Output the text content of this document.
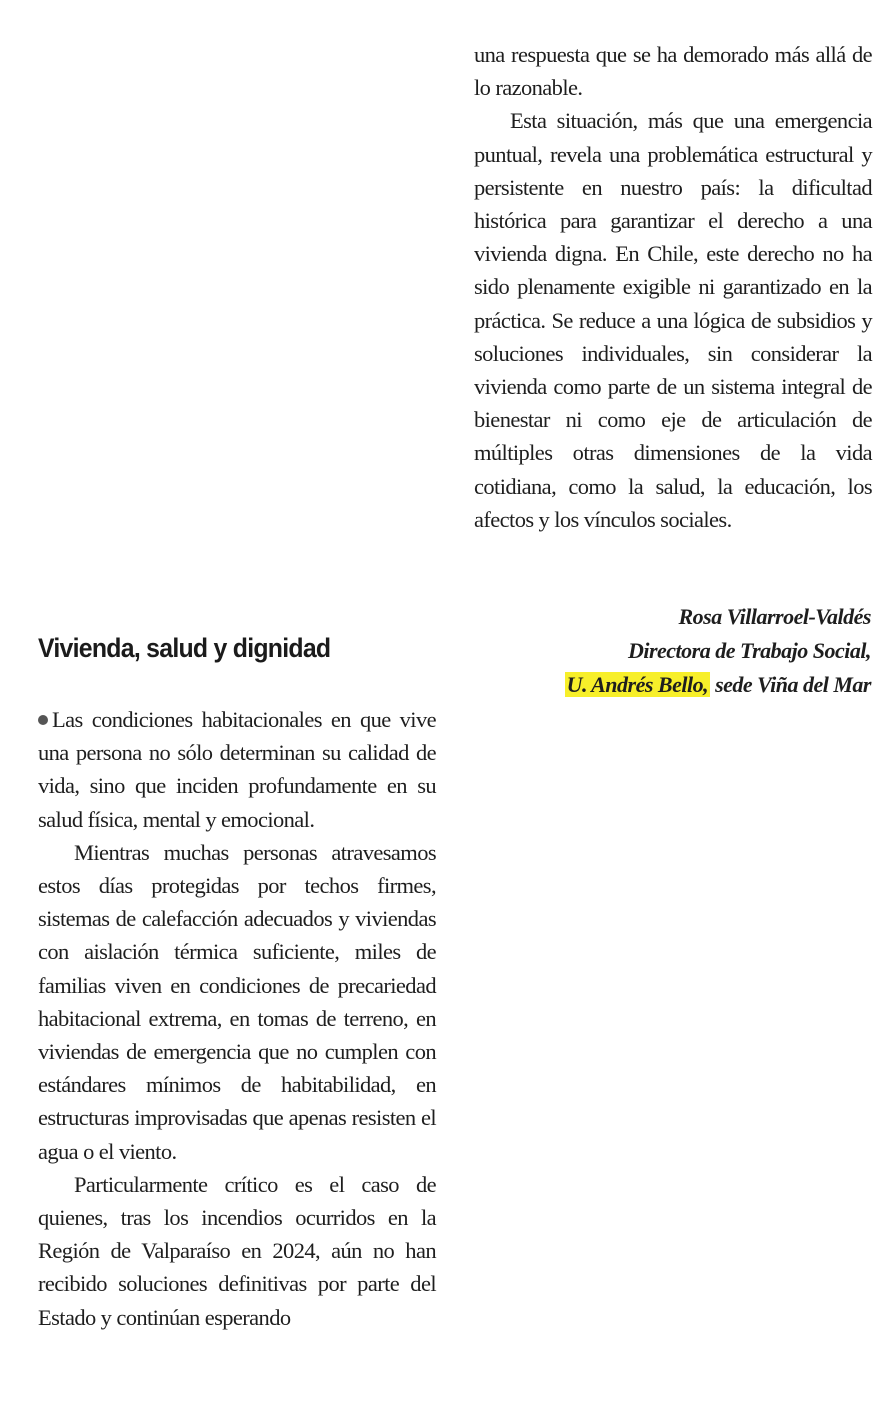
una respuesta que se ha demorado más allá de lo razonable.

Esta situación, más que una emergencia puntual, revela una problemática estructural y persistente en nuestro país: la dificultad histórica para garantizar el derecho a una vivienda digna. En Chile, este derecho no ha sido plenamente exigible ni garantizado en la práctica. Se reduce a una lógica de subsidios y soluciones individuales, sin considerar la vivienda como parte de un sistema integral de bienestar ni como eje de articulación de múltiples otras dimensiones de la vida cotidiana, como la salud, la educación, los afectos y los vínculos sociales.

Rosa Villarroel-Valdés
Directora de Trabajo Social,
U. Andrés Bello, sede Viña del Mar
Vivienda, salud y dignidad

Las condiciones habitacionales en que vive una persona no sólo determinan su calidad de vida, sino que inciden profundamente en su salud física, mental y emocional.

Mientras muchas personas atravesamos estos días protegidas por techos firmes, sistemas de calefacción adecuados y viviendas con aislación térmica suficiente, miles de familias viven en condiciones de precariedad habitacional extrema, en tomas de terreno, en viviendas de emergencia que no cumplen con estándares mínimos de habitabilidad, en estructuras improvisadas que apenas resisten el agua o el viento.

Particularmente crítico es el caso de quienes, tras los incendios ocurridos en la Región de Valparaíso en 2024, aún no han recibido soluciones definitivas por parte del Estado y continúan esperando
